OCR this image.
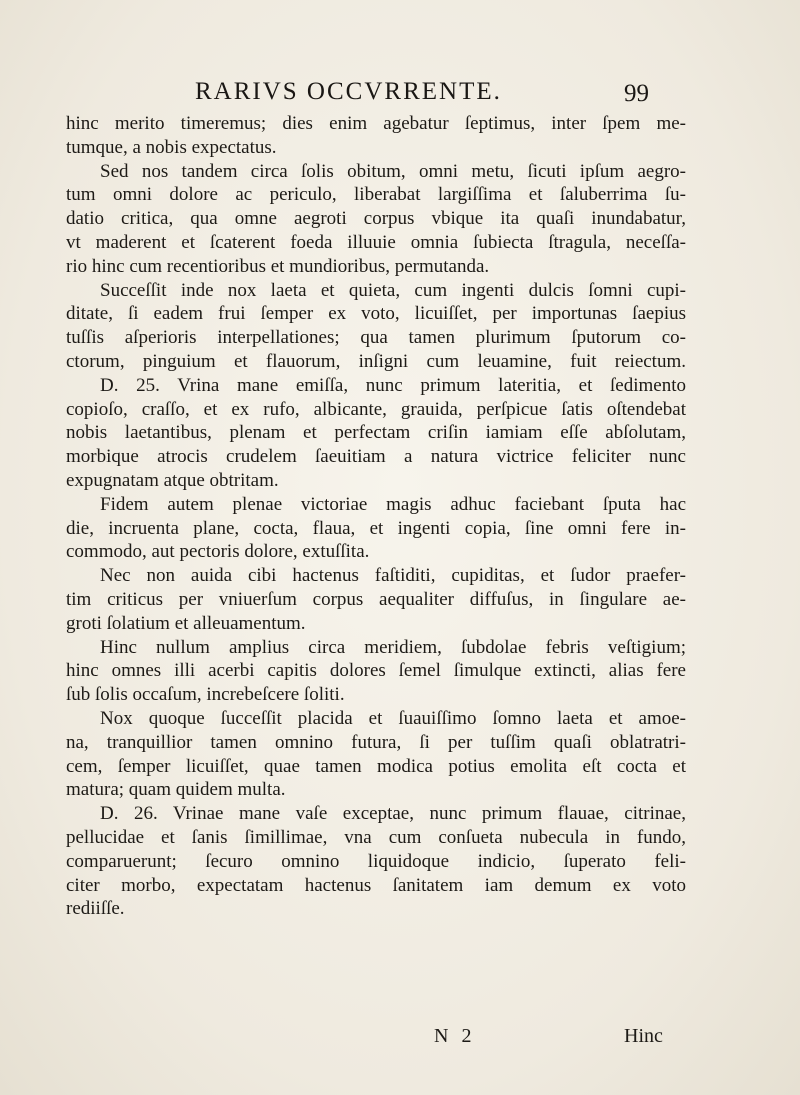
RARIVS OCCVRRENTE.	99
hinc merito timeremus; dies enim agebatur ſeptimus, inter ſpem me-
tumque, a nobis expectatus.
Sed nos tandem circa ſolis obitum, omni metu, ſicuti ipſum aegro-
tum omni dolore ac periculo, liberabat largiſſima et ſaluberrima ſu-
datio critica, qua omne aegroti corpus vbique ita quaſi inundabatur,
vt maderent et ſcaterent foeda illuuie omnia ſubiecta ſtragula, neceſſa-
rio hinc cum recentioribus et mundioribus, permutanda.
Succeſſit inde nox laeta et quieta, cum ingenti dulcis ſomni cupi-
ditate, ſi eadem frui ſemper ex voto, licuiſſet, per importunas ſaepius
tuſſis aſperioris interpellationes; qua tamen plurimum ſputorum co-
ctorum, pinguium et flauorum, inſigni cum leuamine, fuit reiectum.
D. 25. Vrina mane emiſſa, nunc primum lateritia, et ſedimento
copioſo, craſſo, et ex rufo, albicante, grauida, perſpicue ſatis oſtendebat
nobis laetantibus, plenam et perfectam criſin iamiam eſſe abſolutam,
morbique atrocis crudelem ſaeuitiam a natura victrice feliciter nunc
expugnatam atque obtritam.
Fidem autem plenae victoriae magis adhuc faciebant ſputa hac
die, incruenta plane, cocta, flaua, et ingenti copia, ſine omni fere in-
commodo, aut pectoris dolore, extuſſita.
Nec non auida cibi hactenus faſtiditi, cupiditas, et ſudor praefer-
tim criticus per vniuerſum corpus aequaliter diffuſus, in ſingulare ae-
groti ſolatium et alleuamentum.
Hinc nullum amplius circa meridiem, ſubdolae febris veſtigium;
hinc omnes illi acerbi capitis dolores ſemel ſimulque extincti, alias fere
ſub ſolis occaſum, increbeſcere ſoliti.
Nox quoque ſucceſſit placida et ſuauiſſimo ſomno laeta et amoe-
na, tranquillior tamen omnino futura, ſi per tuſſim quaſi oblatratri-
cem, ſemper licuiſſet, quae tamen modica potius emolita eſt cocta et
matura; quam quidem multa.
D. 26. Vrinae mane vaſe exceptae, nunc primum flauae, citrinae,
pellucidae et ſanis ſimillimae, vna cum conſueta nubecula in fundo,
comparuerunt; ſecuro omnino liquidoque indicio, ſuperato feli-
citer morbo, expectatam hactenus ſanitatem iam demum ex voto
rediiſſe.
N 2	Hinc
